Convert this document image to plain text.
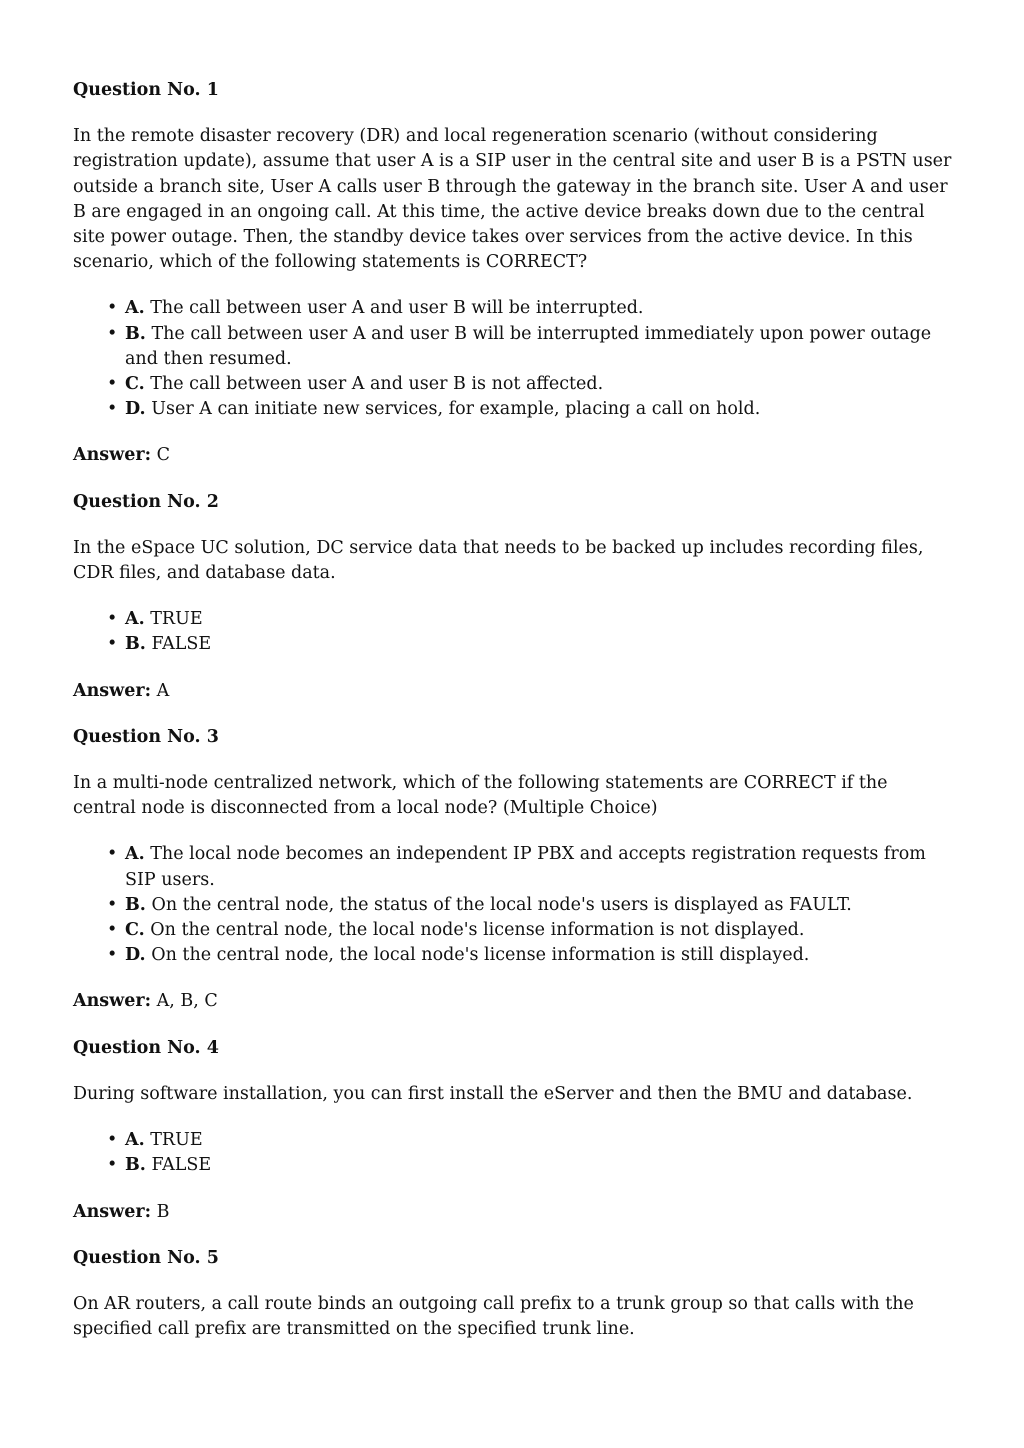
Question No. 1

In the remote disaster recovery (DR) and local regeneration scenario (without considering registration update), assume that user A is a SIP user in the central site and user B is a PSTN user outside a branch site, User A calls user B through the gateway in the branch site. User A and user B are engaged in an ongoing call. At this time, the active device breaks down due to the central site power outage. Then, the standby device takes over services from the active device. In this scenario, which of the following statements is CORRECT?

• A. The call between user A and user B will be interrupted.
• B. The call between user A and user B will be interrupted immediately upon power outage and then resumed.
• C. The call between user A and user B is not affected.
• D. User A can initiate new services, for example, placing a call on hold.

Answer: C

Question No. 2

In the eSpace UC solution, DC service data that needs to be backed up includes recording files, CDR files, and database data.

• A. TRUE
• B. FALSE

Answer: A

Question No. 3

In a multi-node centralized network, which of the following statements are CORRECT if the central node is disconnected from a local node? (Multiple Choice)

• A. The local node becomes an independent IP PBX and accepts registration requests from SIP users.
• B. On the central node, the status of the local node's users is displayed as FAULT.
• C. On the central node, the local node's license information is not displayed.
• D. On the central node, the local node's license information is still displayed.

Answer: A, B, C

Question No. 4

During software installation, you can first install the eServer and then the BMU and database.

• A. TRUE
• B. FALSE

Answer: B

Question No. 5

On AR routers, a call route binds an outgoing call prefix to a trunk group so that calls with the specified call prefix are transmitted on the specified trunk line.
